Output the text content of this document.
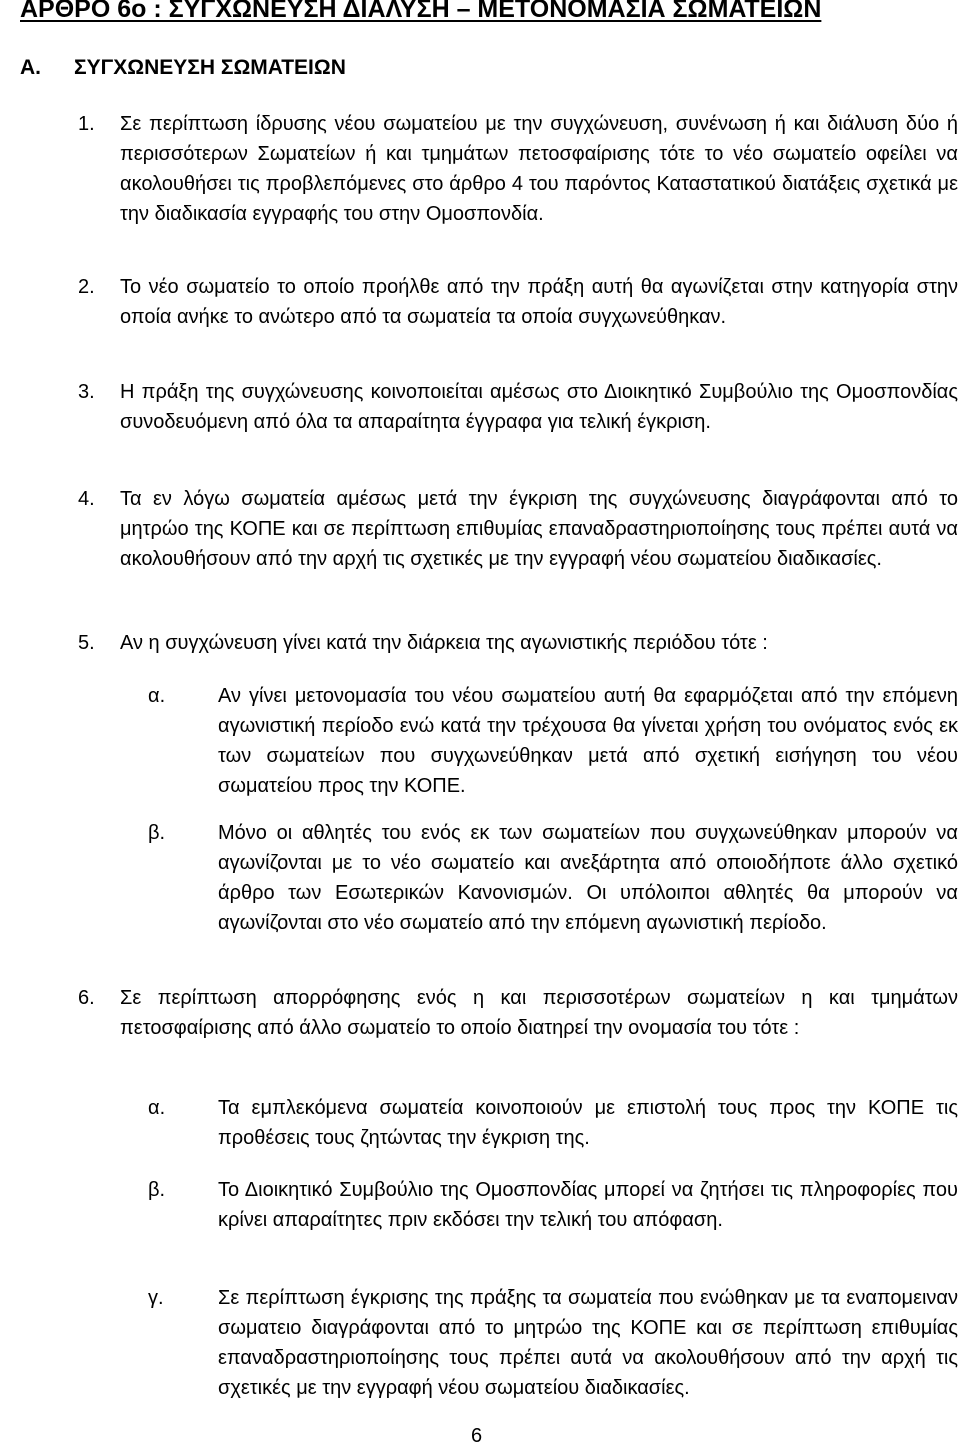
ΑΡΘΡΟ 6ο : ΣΥΓΧΩΝΕΥΣΗ ΔΙΑΛΥΣΗ – ΜΕΤΟΝΟΜΑΣΙΑ ΣΩΜΑΤΕΙΩΝ
Α. ΣΥΓΧΩΝΕΥΣΗ ΣΩΜΑΤΕΙΩΝ
1. Σε περίπτωση ίδρυσης νέου σωματείου με την συγχώνευση, συνένωση ή και διάλυση δύο ή περισσότερων Σωματείων ή και τμημάτων πετοσφαίρισης τότε το νέο σωματείο οφείλει να ακολουθήσει τις προβλεπόμενες στο άρθρο 4 του παρόντος Καταστατικού διατάξεις σχετικά με την διαδικασία εγγραφής του στην Ομοσπονδία.
2. Το νέο σωματείο το οποίο προήλθε από την πράξη αυτή θα αγωνίζεται στην κατηγορία στην οποία ανήκε το ανώτερο από τα σωματεία τα οποία συγχωνεύθηκαν.
3. Η πράξη της συγχώνευσης κοινοποιείται αμέσως στο Διοικητικό Συμβούλιο της Ομοσπονδίας συνοδευόμενη από όλα τα απαραίτητα έγγραφα για τελική έγκριση.
4. Τα εν λόγω σωματεία αμέσως μετά την έγκριση της συγχώνευσης διαγράφονται από το μητρώο της ΚΟΠΕ και σε περίπτωση επιθυμίας επαναδραστηριοποίησης τους πρέπει αυτά να ακολουθήσουν από την αρχή τις σχετικές με την εγγραφή νέου σωματείου διαδικασίες.
5. Αν η συγχώνευση γίνει κατά την διάρκεια της αγωνιστικής περιόδου τότε :
α.	Αν γίνει μετονομασία του νέου σωματείου αυτή θα εφαρμόζεται από την επόμενη αγωνιστική περίοδο ενώ κατά την τρέχουσα θα γίνεται χρήση του ονόματος ενός εκ των σωματείων που συγχωνεύθηκαν μετά από σχετική εισήγηση του νέου σωματείου προς την ΚΟΠΕ.
β.	Μόνο οι αθλητές του ενός εκ των σωματείων που συγχωνεύθηκαν μπορούν να αγωνίζονται με το νέο σωματείο και ανεξάρτητα από οποιοδήποτε άλλο σχετικό άρθρο των Εσωτερικών Κανονισμών. Οι υπόλοιποι αθλητές θα μπορούν να αγωνίζονται στο νέο σωματείο από την επόμενη αγωνιστική περίοδο.
6. Σε περίπτωση απορρόφησης ενός η και περισσοτέρων σωματείων η και τμημάτων πετοσφαίρισης από άλλο σωματείο το οποίο διατηρεί την ονομασία του τότε :
α.	Τα εμπλεκόμενα σωματεία κοινοποιούν με επιστολή τους προς την ΚΟΠΕ τις προθέσεις τους ζητώντας την έγκριση της.
β.	Το Διοικητικό Συμβούλιο της Ομοσπονδίας μπορεί να ζητήσει τις πληροφορίες που κρίνει απαραίτητες πριν εκδόσει την τελική του απόφαση.
γ.	Σε περίπτωση έγκρισης της πράξης τα σωματεία που ενώθηκαν με τα εναπομειναν σωματειο διαγράφονται από το μητρώο της ΚΟΠΕ και σε περίπτωση επιθυμίας επαναδραστηριοποίησης τους πρέπει αυτά να ακολουθήσουν από την αρχή τις σχετικές με την εγγραφή νέου σωματείου διαδικασίες.
6
